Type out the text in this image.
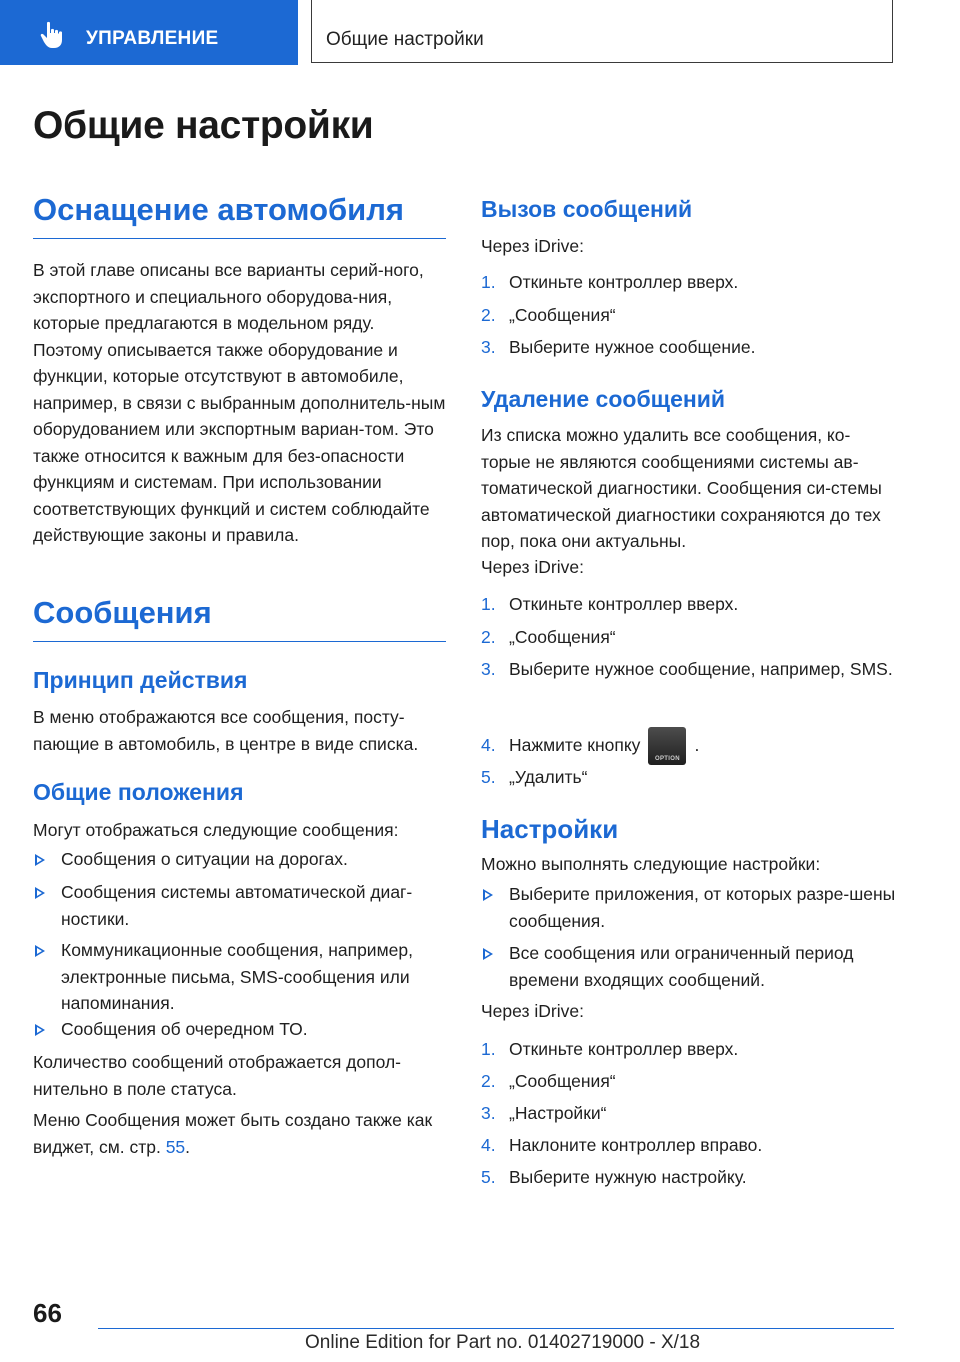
УПРАВЛЕНИЕ	Общие настройки
Общие настройки
Оснащение автомобиля

В этой главе описаны все варианты серий-ного, экспортного и специального оборудова-ния, которые предлагаются в модельном ряду. Поэтому описывается также оборудование и функции, которые отсутствуют в автомобиле, например, в связи с выбранным дополнитель-ным оборудованием или экспортным вариан-том. Это также относится к важным для без-опасности функциям и системам. При использовании соответствующих функций и систем соблюдайте действующие законы и правила.

Сообщения
Принцип действия

В меню отображаются все сообщения, посту-пающие в автомобиль, в центре в виде списка.

Общие положения

Могут отображаться следующие сообщения:

Сообщения о ситуации на дорогах.
Сообщения системы автоматической диаг-ностики.
Коммуникационные сообщения, например, электронные письма, SMS-сообщения или напоминания.
Сообщения об очередном ТО.

Количество сообщений отображается допол-нительно в поле статуса.

Меню Сообщения может быть создано также как виджет, см. стр. 55.

Вызов сообщений

Через iDrive:

1. Откиньте контроллер вверх.
2. „Сообщения“
3. Выберите нужное сообщение.
Удаление сообщений

Из списка можно удалить все сообщения, ко-торые не являются сообщениями системы ав-томатической диагностики. Сообщения си-стемы автоматической диагностики сохраняются до тех пор, пока они актуальны.

Через iDrive:

1. Откиньте контроллер вверх.
2. „Сообщения“
3. Выберите нужное сообщение, например, SMS.
4. Нажмите кнопку
OPTION
.
5. „Удалить“
Настройки

Можно выполнять следующие настройки:

Выберите приложения, от которых разре-шены сообщения.
Все сообщения или ограниченный период времени входящих сообщений.

Через iDrive:

1. Откиньте контроллер вверх.
2. „Сообщения“
3. „Настройки“
4. Наклоните контроллер вправо.
5. Выберите нужную настройку.
66
Online Edition for Part no. 01402719000 - X/18
